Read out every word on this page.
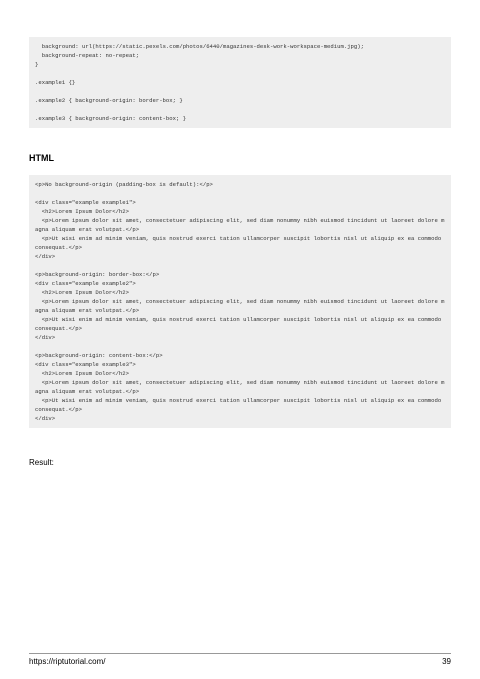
background: url(https://static.pexels.com/photos/6440/magazines-desk-work-workspace-medium.jpg);
background-repeat: no-repeat;
}
.example1 {}
.example2 { background-origin: border-box; }
.example3 { background-origin: content-box; }
HTML
<p>No background-origin (padding-box is default):</p>
<div class="example example1">
<h2>Lorem Ipsum Dolor</h2>
<p>Lorem ipsum dolor sit amet, consectetuer adipiscing elit, sed diam nonummy nibh euismod tincidunt ut laoreet dolore magna aliquam erat volutpat.</p>
<p>Ut wisi enim ad minim veniam, quis nostrud exerci tation ullamcorper suscipit lobortis nisl ut aliquip ex ea commodo consequat.</p>
</div>
<p>background-origin: border-box:</p>
<div class="example example2">
<h2>Lorem Ipsum Dolor</h2>
<p>Lorem ipsum dolor sit amet, consectetuer adipiscing elit, sed diam nonummy nibh euismod tincidunt ut laoreet dolore magna aliquam erat volutpat.</p>
<p>Ut wisi enim ad minim veniam, quis nostrud exerci tation ullamcorper suscipit lobortis nisl ut aliquip ex ea commodo consequat.</p>
</div>
<p>background-origin: content-box:</p>
<div class="example example3">
<h2>Lorem Ipsum Dolor</h2>
<p>Lorem ipsum dolor sit amet, consectetuer adipiscing elit, sed diam nonummy nibh euismod tincidunt ut laoreet dolore magna aliquam erat volutpat.</p>
<p>Ut wisi enim ad minim veniam, quis nostrud exerci tation ullamcorper suscipit lobortis nisl ut aliquip ex ea commodo consequat.</p>
</div>
Result:
https://riptutorial.com/	39
